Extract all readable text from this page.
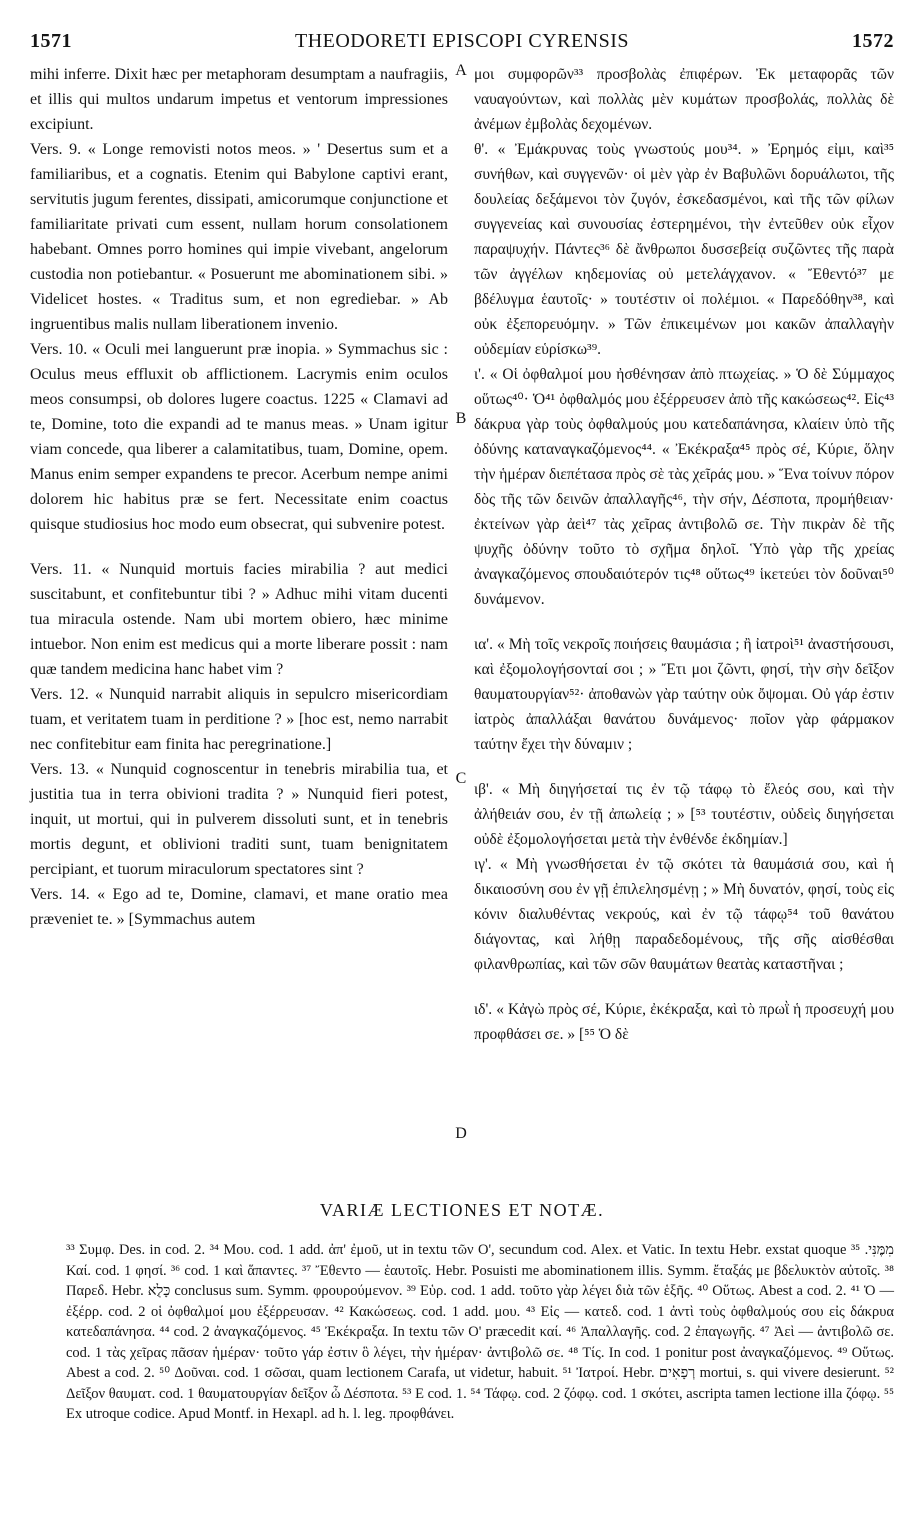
1571	THEODORETI EPISCOPI CYRENSIS	1572

mihi inferre. Dixit hæc per metaphoram desumptam a naufragiis, et illis qui multos undarum impetus et ventorum impressiones excipiunt.

Vers. 9. « Longe removisti notos meos. » ' Desertus sum et a familiaribus, et a cognatis. Etenim qui Babylone captivi erant, servitutis jugum ferentes, dissipati, amicorumque conjunctione et familiaritate privati cum essent, nullam horum consolationem habebant. Omnes porro homines qui impie vivebant, angelorum custodia non potiebantur. « Posuerunt me abominationem sibi. » Videlicet hostes. « Traditus sum, et non egrediebar. » Ab ingruentibus malis nullam liberationem invenio.

Vers. 10. « Oculi mei languerunt præ inopia. » Symmachus sic : Oculus meus effluxit ob afflictionem. Lacrymis enim oculos meos consumpsi, ob dolores lugere coactus. 1225 « Clamavi ad te, Domine, toto die expandi ad te manus meas. » Unam igitur viam concede, qua liberer a calamitatibus, tuam, Domine, opem. Manus enim semper expandens te precor. Acerbum nempe animi dolorem hic habitus præ se fert. Necessitate enim coactus quisque studiosius hoc modo eum obsecrat, qui subvenire potest.

Vers. 11. « Nunquid mortuis facies mirabilia ? aut medici suscitabunt, et confitebuntur tibi ? » Adhuc mihi vitam ducenti tua miracula ostende. Nam ubi mortem obiero, hæc minime intuebor. Non enim est medicus qui a morte liberare possit : nam quæ tandem medicina hanc habet vim ?

Vers. 12. « Nunquid narrabit aliquis in sepulcro misericordiam tuam, et veritatem tuam in perditione ? » [hoc est, nemo narrabit nec confitebitur eam finita hac peregrinatione.]

Vers. 13. « Nunquid cognoscentur in tenebris mirabilia tua, et justitia tua in terra obivioni tradita ? » Nunquid fieri potest, inquit, ut mortui, qui in pulverem dissoluti sunt, et in tenebris mortis degunt, et oblivioni traditi sunt, tuam benignitatem percipiant, et tuorum miraculorum spectatores sint ?

Vers. 14. « Ego ad te, Domine, clamavi, et mane oratio mea præveniet te. » [Symmachus autem

A
B
C
D

μοι συμφορῶν³³ προσβολὰς ἐπιφέρων. Ἐκ μεταφορᾶς τῶν ναυαγούντων, καὶ πολλὰς μὲν κυμάτων προσβολάς, πολλὰς δὲ ἀνέμων ἐμβολὰς δεχομένων.

θ'. « Ἐμάκρυνας τοὺς γνωστούς μου³⁴. » Ἐρημός εἰμι, καὶ³⁵ συνήθων, καὶ συγγενῶν· οἱ μὲν γὰρ ἐν Βαβυλῶνι δορυάλωτοι, τῆς δουλείας δεξάμενοι τὸν ζυγόν, ἐσκεδασμένοι, καὶ τῆς τῶν φίλων συγγενείας καὶ συνουσίας ἐστερημένοι, τὴν ἐντεῦθεν οὐκ εἶχον παραψυχήν. Πάντες³⁶ δὲ ἄνθρωποι δυσσεβείᾳ συζῶντες τῆς παρὰ τῶν ἀγγέλων κηδεμονίας οὐ μετελάγχανον. « Ἔθεντό³⁷ με βδέλυγμα ἑαυτοῖς· » τουτέστιν οἱ πολέμιοι. « Παρεδόθην³⁸, καὶ οὐκ ἐξεπορευόμην. » Τῶν ἐπικειμένων μοι κακῶν ἀπαλλαγὴν οὐδεμίαν εὑρίσκω³⁹.

ι'. « Οἱ ὀφθαλμοί μου ἠσθένησαν ἀπὸ πτωχείας. » Ὁ δὲ Σύμμαχος οὕτως⁴⁰· Ὁ⁴¹ ὀφθαλμός μου ἐξέρρευσεν ἀπὸ τῆς κακώσεως⁴². Εἰς⁴³ δάκρυα γὰρ τοὺς ὀφθαλμούς μου κατεδαπάνησα, κλαίειν ὑπὸ τῆς ὀδύνης καταναγκαζόμενος⁴⁴. « Ἐκέκραξα⁴⁵ πρὸς σέ, Κύριε, ὅλην τὴν ἡμέραν διεπέτασα πρὸς σὲ τὰς χεῖράς μου. » Ἕνα τοίνυν πόρον δὸς τῆς τῶν δεινῶν ἀπαλλαγῆς⁴⁶, τὴν σήν, Δέσποτα, προμήθειαν· ἐκτείνων γὰρ ἀεὶ⁴⁷ τὰς χεῖρας ἀντιβολῶ σε. Τὴν πικρὰν δὲ τῆς ψυχῆς ὀδύνην τοῦτο τὸ σχῆμα δηλοῖ. Ὑπὸ γὰρ τῆς χρείας ἀναγκαζόμενος σπουδαιότερόν τις⁴⁸ οὕτως⁴⁹ ἱκετεύει τὸν δοῦναι⁵⁰ δυνάμενον.

ια'. « Μὴ τοῖς νεκροῖς ποιήσεις θαυμάσια ; ἢ ἰατροὶ⁵¹ ἀναστήσουσι, καὶ ἐξομολογήσονταί σοι ; » Ἔτι μοι ζῶντι, φησί, τὴν σὴν δεῖξον θαυματουργίαν⁵²· ἀποθανὼν γὰρ ταύτην οὐκ ὄψομαι. Οὐ γάρ ἐστιν ἰατρὸς ἀπαλλάξαι θανάτου δυνάμενος· ποῖον γὰρ φάρμακον ταύτην ἔχει τὴν δύναμιν ;

ιβ'. « Μὴ διηγήσεταί τις ἐν τῷ τάφῳ τὸ ἔλεός σου, καὶ τὴν ἀλήθειάν σου, ἐν τῇ ἀπωλείᾳ ; » [⁵³ τουτέστιν, οὐδεὶς διηγήσεται οὐδὲ ἐξομολογήσεται μετὰ τὴν ἐνθένδε ἐκδημίαν.]

ιγ'. « Μὴ γνωσθήσεται ἐν τῷ σκότει τὰ θαυμάσιά σου, καὶ ἡ δικαιοσύνη σου ἐν γῇ ἐπιλελησμένῃ ; » Μὴ δυνατόν, φησί, τοὺς εἰς κόνιν διαλυθέντας νεκρούς, καὶ ἐν τῷ τάφῳ⁵⁴ τοῦ θανάτου διάγοντας, καὶ λήθῃ παραδεδομένους, τῆς σῆς αἰσθέσθαι φιλανθρωπίας, καὶ τῶν σῶν θαυμάτων θεατὰς καταστῆναι ;

ιδ'. « Κἀγὼ πρὸς σέ, Κύριε, ἐκέκραξα, καὶ τὸ πρωῒ ἡ προσευχή μου προφθάσει σε. » [⁵⁵ Ὁ δὲ

VARIÆ LECTIONES ET NOTÆ.
³³ Συμφ. Des. in cod. 2. ³⁴ Μου. cod. 1 add. ἀπ' ἐμοῦ, ut in textu τῶν Ο', secundum cod. Alex. et Vatic. In textu Hebr. exstat quoque מִמֶּנִּי. ³⁵ Καί. cod. 1 φησί. ³⁶ cod. 1 καὶ ἅπαντες. ³⁷ Ἔθεντο — ἑαυτοῖς. Hebr. Posuisti me abominationem illis. Symm. ἔταξάς με βδελυκτὸν αὐτοῖς. ³⁸ Παρεδ. Hebr. כָּלֻא conclusus sum. Symm. φρουρούμενον. ³⁹ Εὑρ. cod. 1 add. τοῦτο γὰρ λέγει διὰ τῶν ἑξῆς. ⁴⁰ Οὕτως. Abest a cod. 2. ⁴¹ Ὁ — ἐξέρρ. cod. 2 οἱ ὀφθαλμοί μου ἐξέρρευσαν. ⁴² Κακώσεως. cod. 1 add. μου. ⁴³ Εἰς — κατεδ. cod. 1 ἀντὶ τοὺς ὀφθαλμούς σου εἰς δάκρυα κατεδαπάνησα. ⁴⁴ cod. 2 ἀναγκαζόμενος. ⁴⁵ Ἐκέκραξα. In textu τῶν Ο' præcedit καί. ⁴⁶ Ἀπαλλαγῆς. cod. 2 ἐπαγωγῆς. ⁴⁷ Ἀεὶ — ἀντιβολῶ σε. cod. 1 τὰς χεῖρας πᾶσαν ἡμέραν· τοῦτο γάρ ἐστιν ὃ λέγει, τὴν ἡμέραν· ἀντιβολῶ σε. ⁴⁸ Τίς. In cod. 1 ponitur post ἀναγκαζόμενος. ⁴⁹ Οὕτως. Abest a cod. 2. ⁵⁰ Δοῦναι. cod. 1 σῶσαι, quam lectionem Carafa, ut videtur, habuit. ⁵¹ Ἰατροί. Hebr. רְפָאִים mortui, s. qui vivere desierunt. ⁵² Δεῖξον θαυματ. cod. 1 θαυματουργίαν δεῖξον ὦ Δέσποτα. ⁵³ E cod. 1. ⁵⁴ Τάφῳ. cod. 2 ζόφῳ. cod. 1 σκότει, ascripta tamen lectione illa ζόφῳ. ⁵⁵ Ex utroque codice. Apud Montf. in Hexapl. ad h. l. leg. προφθάνει.
